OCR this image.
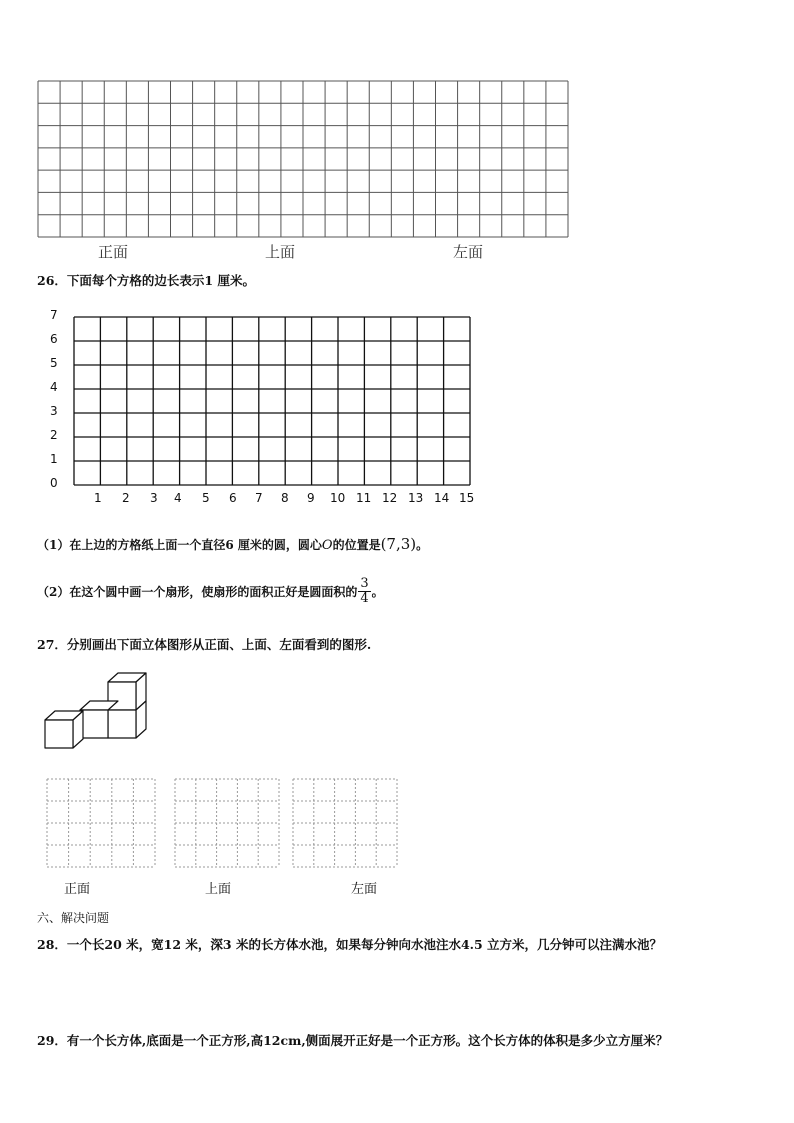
正面	上面	左面
26．下面每个方格的边长表示1 厘米。
7
6
5
4
3
2
1
0
1 2 3 4 5 6 7 8 9 10 11 12 13 14 15
（1）在上边的方格纸上面一个直径6 厘米的圆，圆心O的位置是(7,3)。
（2）在这个圆中画一个扇形，使扇形的面积正好是圆面积的 $\frac{3}{4}$ 。
27．分别画出下面立体图形从正面、上面、左面看到的图形.
正面	上面	左面
六、解决问题
28．一个长20 米，宽12 米，深3 米的长方体水池，如果每分钟向水池注水4.5 立方米，几分钟可以注满水池？
29．有一个长方体,底面是一个正方形,高12cm,侧面展开正好是一个正方形。这个长方体的体积是多少立方厘米？
